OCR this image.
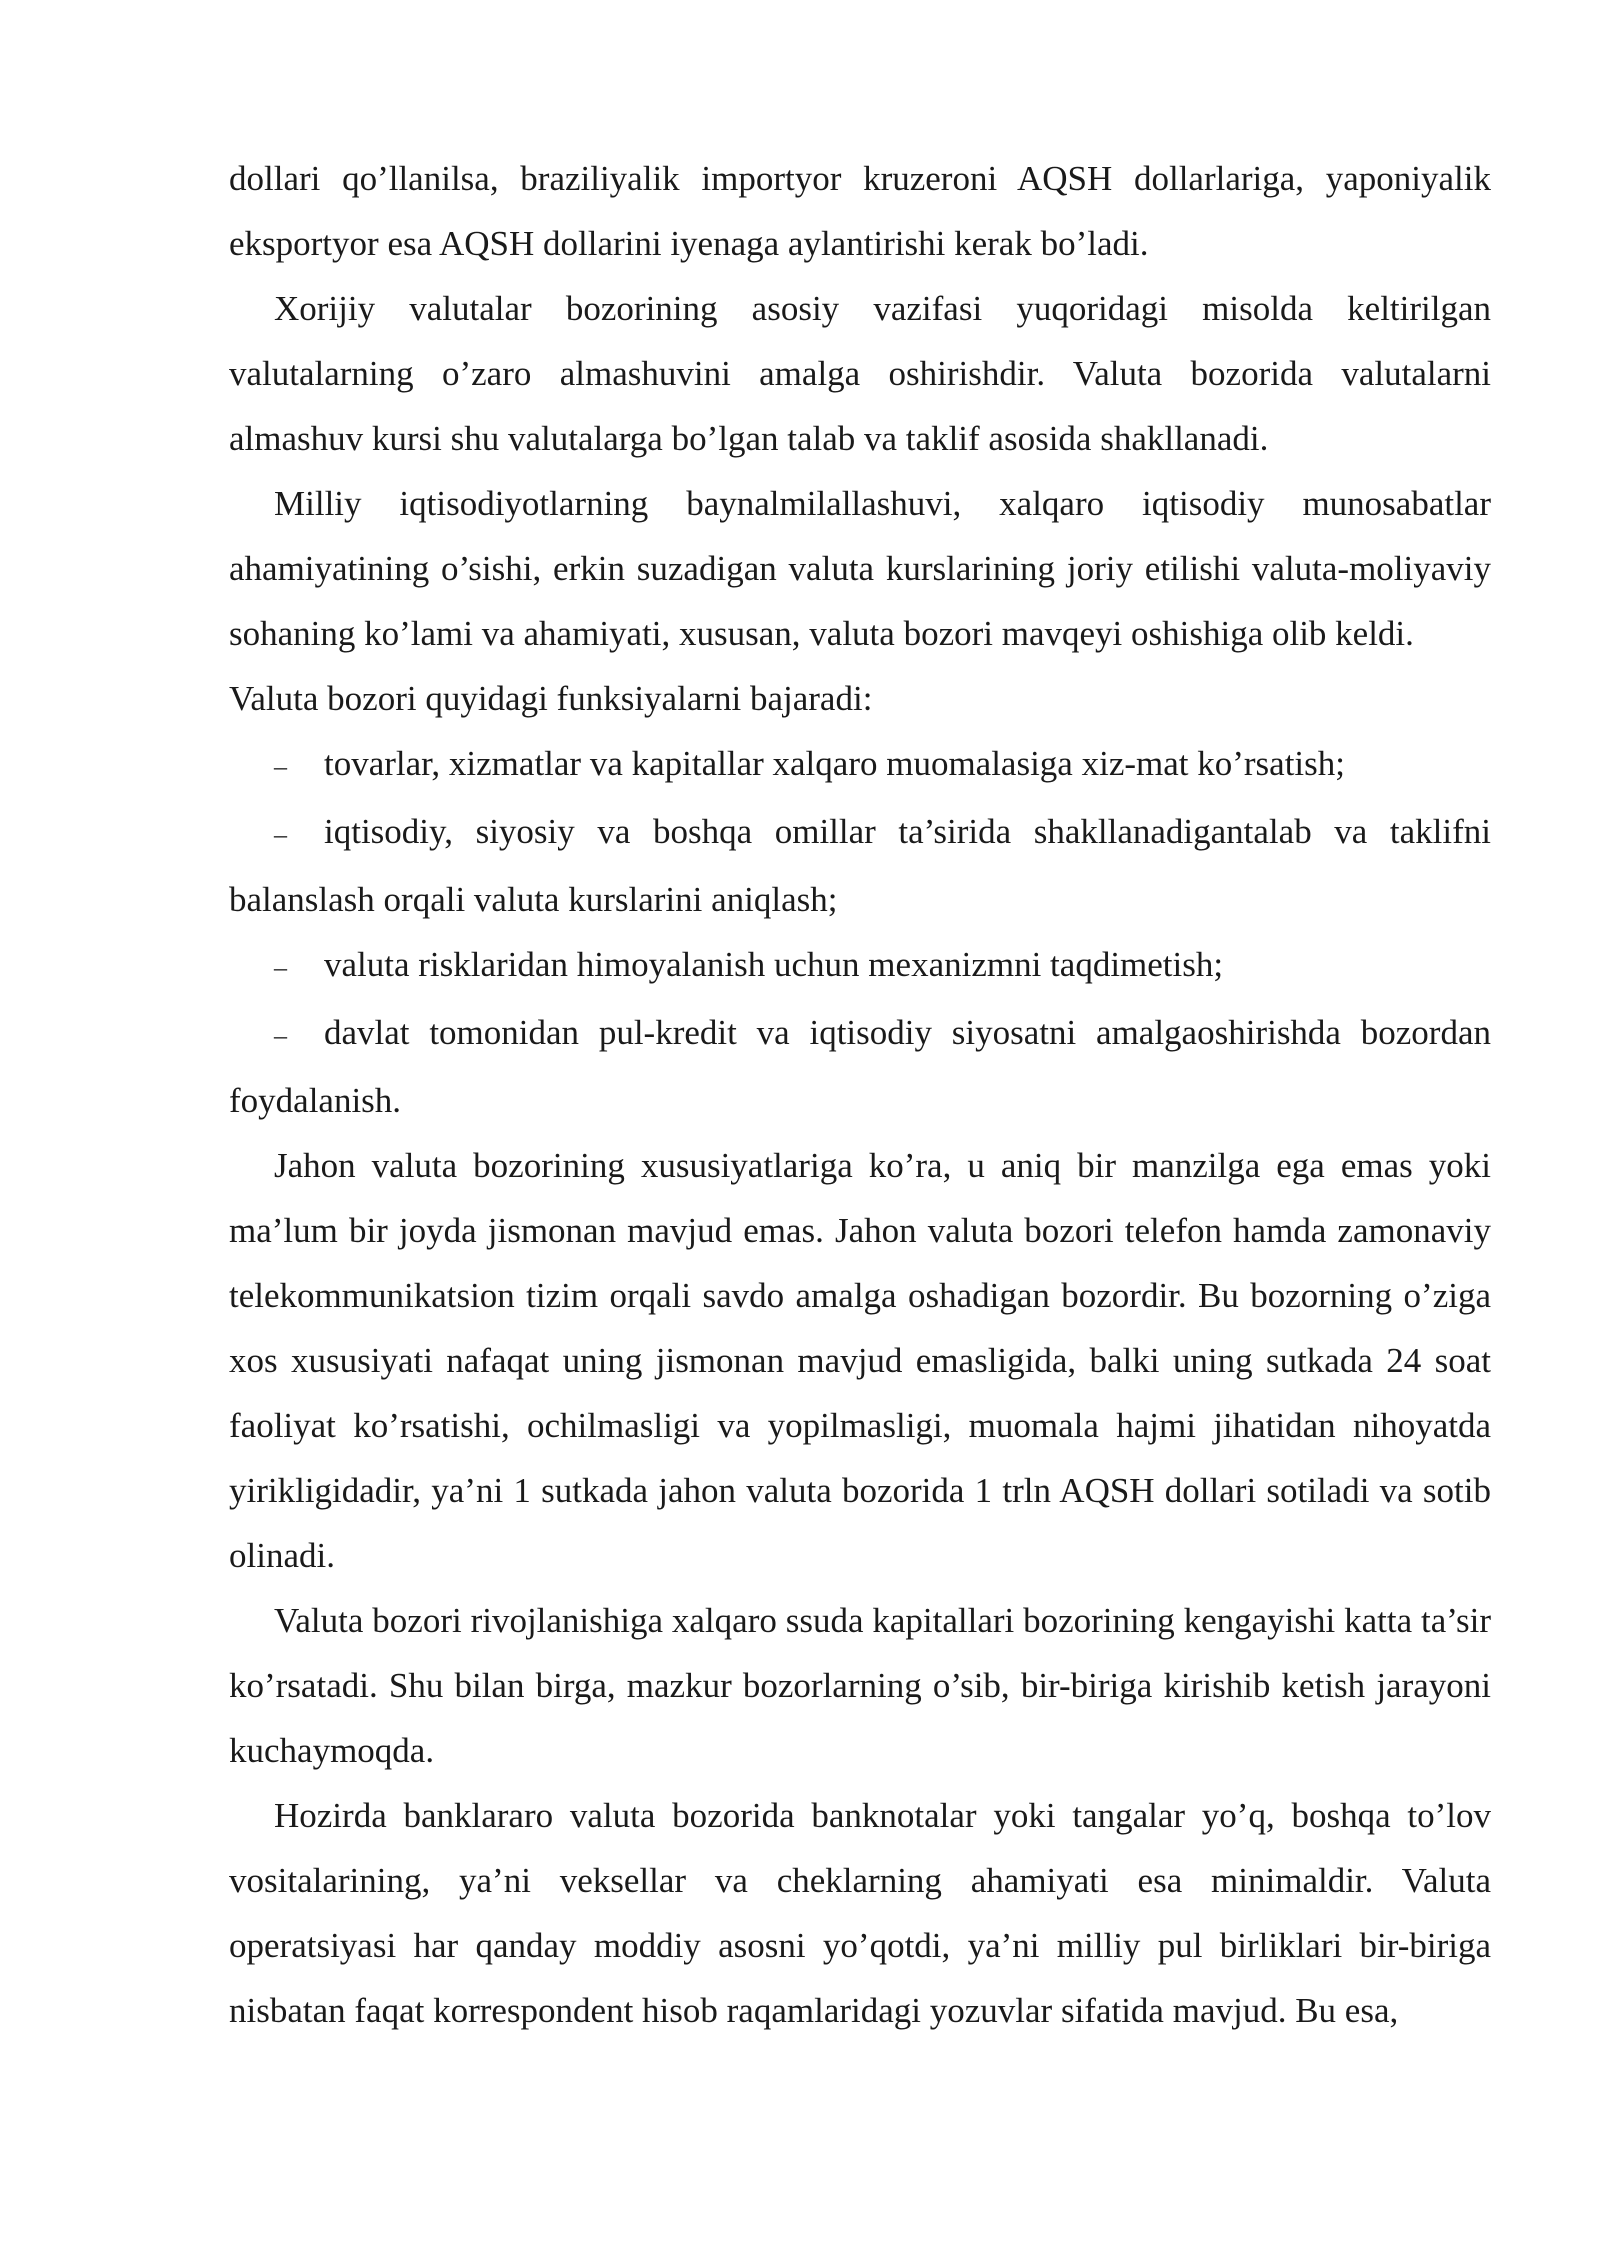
dollari qo’llanilsa, braziliyalik importyor kruzeroni AQSH dollarlariga, yaponiyalik eksportyor esa AQSH dollarini iyenaga aylantirishi kerak bo’ladi.

Xorijiy valutalar bozorining asosiy vazifasi yuqoridagi misolda keltirilgan valutalarning o’zaro almashuvini amalga oshirishdir. Valuta bozorida valutalarni almashuv kursi shu valutalarga bo’lgan talab va taklif asosida shakllanadi.

Milliy iqtisodiyotlarning baynalmilallashuvi, xalqaro iqtisodiy munosabatlar ahamiyatining o’sishi, erkin suzadigan valuta kurslarining joriy etilishi valuta-moliyaviy sohaning ko’lami va ahamiyati, xususan, valuta bozori mavqeyi oshishiga olib keldi.

Valuta bozori quyidagi funksiyalarni bajaradi:

– tovarlar, xizmatlar va kapitallar xalqaro muomalasiga xiz-mat ko’rsatish;

– iqtisodiy, siyosiy va boshqa omillar ta’sirida shakllanadigantalab va taklifni balanslash orqali valuta kurslarini aniqlash;

– valuta risklaridan himoyalanish uchun mexanizmni taqdimetish;

– davlat tomonidan pul-kredit va iqtisodiy siyosatni amalgaoshirishda bozordan foydalanish.

Jahon valuta bozorining xususiyatlariga ko’ra, u aniq bir manzilga ega emas yoki ma’lum bir joyda jismonan mavjud emas. Jahon valuta bozori telefon hamda zamonaviy telekommunikatsion tizim orqali savdo amalga oshadigan bozordir. Bu bozorning o’ziga xos xususiyati nafaqat uning jismonan mavjud emasligida, balki uning sutkada 24 soat faoliyat ko’rsatishi, ochilmasligi va yopilmasligi, muomala hajmi jihatidan nihoyatda yirikligidadir, ya’ni 1 sutkada jahon valuta bozorida 1 trln AQSH dollari sotiladi va sotib olinadi.

Valuta bozori rivojlanishiga xalqaro ssuda kapitallari bozorining kengayishi katta ta’sir ko’rsatadi. Shu bilan birga, mazkur bozorlarning o’sib, bir-biriga kirishib ketish jarayoni kuchaymoqda.

Hozirda banklararo valuta bozorida banknotalar yoki tangalar yo’q, boshqa to’lov vositalarining, ya’ni veksellar va cheklarning ahamiyati esa minimaldir. Valuta operatsiyasi har qanday moddiy asosni yo’qotdi, ya’ni milliy pul birliklari bir-biriga nisbatan faqat korrespondent hisob raqamlaridagi yozuvlar sifatida mavjud. Bu esa,
